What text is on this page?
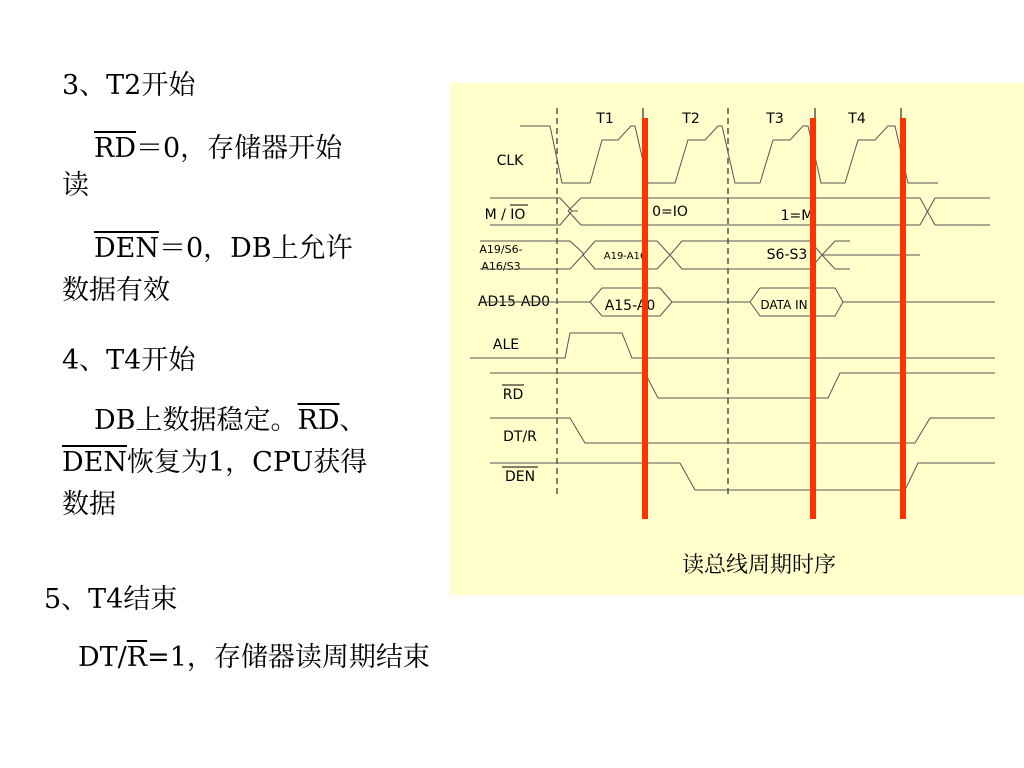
3、T2开始
$\overline{RD}=0$，存储器开始
读
$\overline{DEN}=0$，DB上允许
数据有效
4、T4开始
DB上数据稳定。$\overline{RD}$、
$\overline{DEN}$恢复为1，CPU获得
数据
5、T4结束
$DT/\overline{R}=1$，存储器读周期结束
T1	T2	T3	T4
CLK
M / IO
A19/S6-
A16/S3
AD15-AD0
ALE
RD
DT/R
DEN
0=IO	1=M
A19-A16	S6-S3
A15-A0	DATA IN
读总线周期时序
